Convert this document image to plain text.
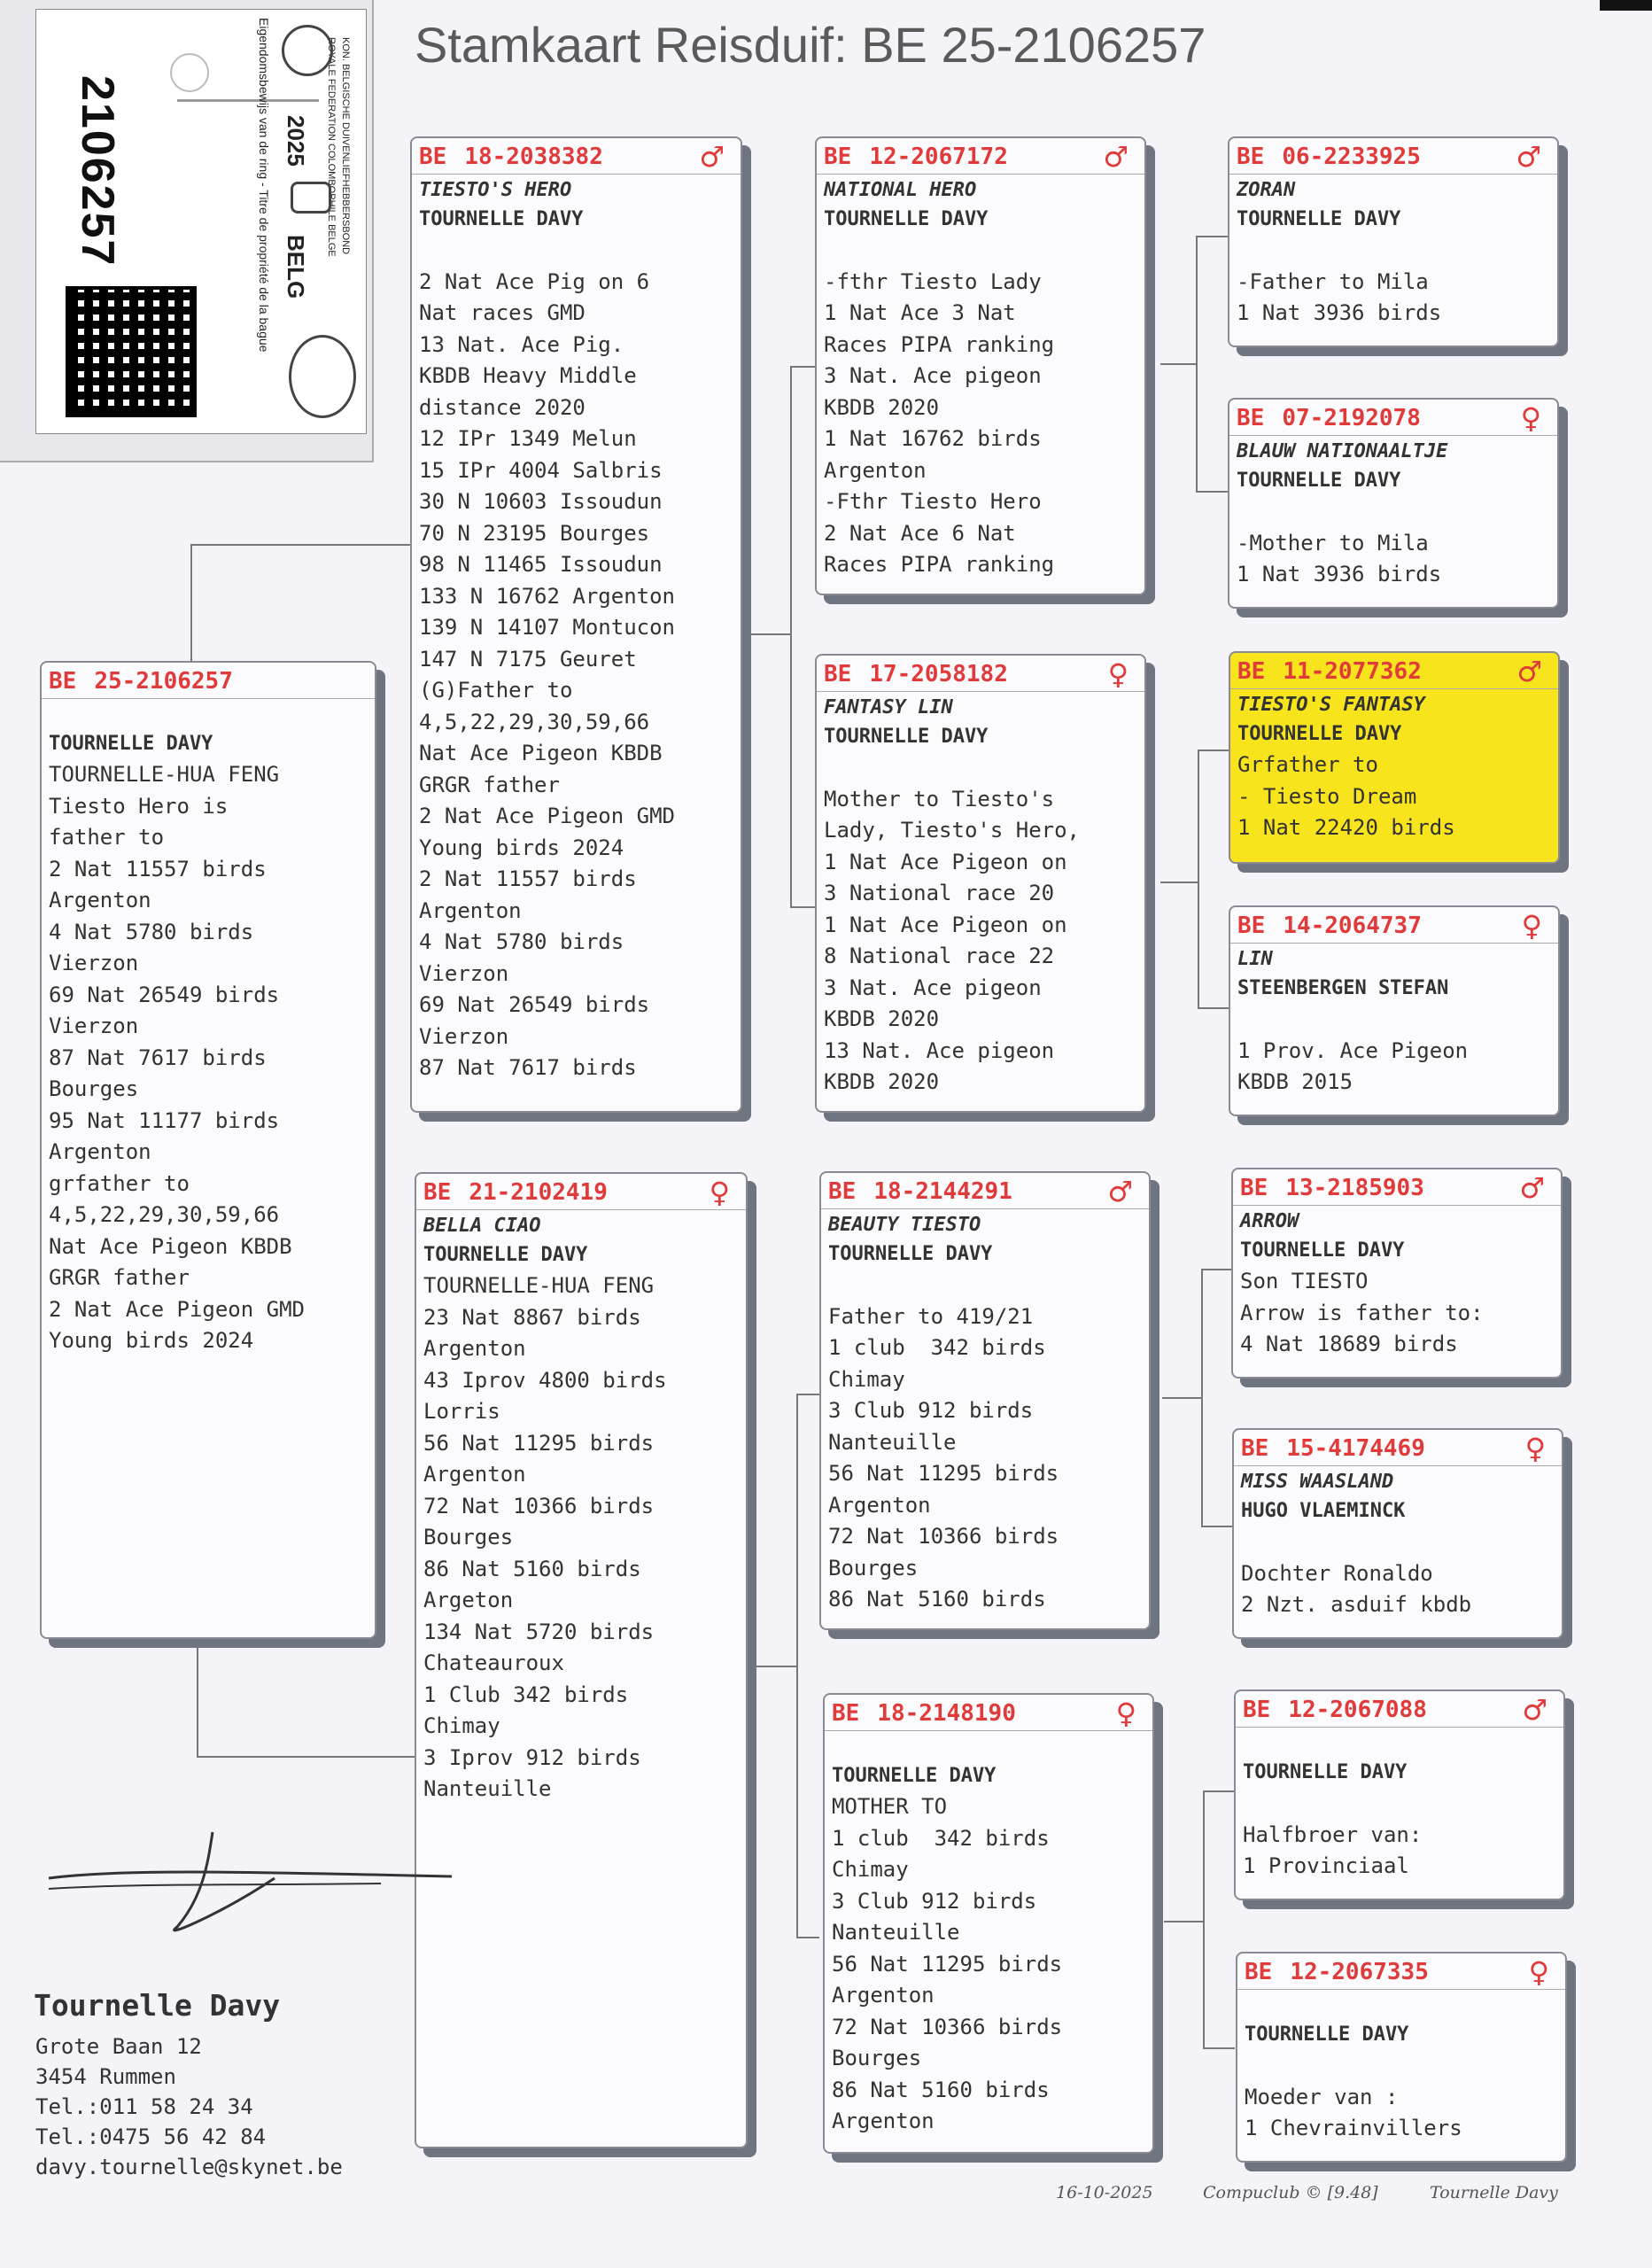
2106257	Eigendomsbewijs van de ring - Titre de propriété de la bague 2025
BELG
KON. BELGISCHE DUIVENLIEFHEBBERSBOND
ROYALE FEDERATION COLOMBOPHILE BELGE Stamkaart Reisduif: BE 25-2106257
BE 25-2106257
TOURNELLE DAVY
TOURNELLE-HUA FENG
Tiesto Hero is
father to
2 Nat 11557 birds
Argenton
4 Nat 5780 birds
Vierzon
69 Nat 26549 birds
Vierzon
87 Nat 7617 birds
Bourges
95 Nat 11177 birds
Argenton
grfather to
4,5,22,29,30,59,66
Nat Ace Pigeon KBDB
GRGR father
2 Nat Ace Pigeon GMD
Young birds 2024
BE 18-2038382	♂
TIESTO'S HERO
TOURNELLE DAVY
2 Nat Ace Pig on 6
Nat races GMD
13 Nat. Ace Pig.
KBDB Heavy Middle
distance 2020
12 IPr 1349 Melun
15 IPr 4004 Salbris
30 N 10603 Issoudun
70 N 23195 Bourges
98 N 11465 Issoudun
133 N 16762 Argenton
139 N 14107 Montucon
147 N 7175 Geuret
(G)Father to
4,5,22,29,30,59,66
Nat Ace Pigeon KBDB
GRGR father
2 Nat Ace Pigeon GMD
Young birds 2024
2 Nat 11557 birds
Argenton
4 Nat 5780 birds
Vierzon
69 Nat 26549 birds
Vierzon
87 Nat 7617 birds
BE 21-2102419	♀
BELLA CIAO
TOURNELLE DAVY
TOURNELLE-HUA FENG
23 Nat 8867 birds
Argenton
43 Iprov 4800 birds
Lorris
56 Nat 11295 birds
Argenton
72 Nat 10366 birds
Bourges
86 Nat 5160 birds
Argeton
134 Nat 5720 birds
Chateauroux
1 Club 342 birds
Chimay
3 Iprov 912 birds
Nanteuille
BE 12-2067172	♂
NATIONAL HERO
TOURNELLE DAVY
-fthr Tiesto Lady
1 Nat Ace 3 Nat
Races PIPA ranking
3 Nat. Ace pigeon
KBDB 2020
1 Nat 16762 birds
Argenton
-Fthr Tiesto Hero
2 Nat Ace 6 Nat
Races PIPA ranking
BE 17-2058182	♀
FANTASY LIN
TOURNELLE DAVY
Mother to Tiesto's
Lady, Tiesto's Hero,
1 Nat Ace Pigeon on
3 National race 20
1 Nat Ace Pigeon on
8 National race 22
3 Nat. Ace pigeon
KBDB 2020
13 Nat. Ace pigeon
KBDB 2020
BE 18-2144291	♂
BEAUTY TIESTO
TOURNELLE DAVY
Father to 419/21
1 club  342 birds
Chimay
3 Club 912 birds
Nanteuille
56 Nat 11295 birds
Argenton
72 Nat 10366 birds
Bourges
86 Nat 5160 birds
BE 18-2148190	♀
TOURNELLE DAVY
MOTHER TO
1 club  342 birds
Chimay
3 Club 912 birds
Nanteuille
56 Nat 11295 birds
Argenton
72 Nat 10366 birds
Bourges
86 Nat 5160 birds
Argenton
BE 06-2233925	♂
ZORAN
TOURNELLE DAVY
-Father to Mila
1 Nat 3936 birds
BE 07-2192078	♀
BLAUW NATIONAALTJE
TOURNELLE DAVY
-Mother to Mila
1 Nat 3936 birds
BE 11-2077362	♂
TIESTO'S FANTASY
TOURNELLE DAVY
Grfather to
- Tiesto Dream
1 Nat 22420 birds
BE 14-2064737	♀
LIN
STEENBERGEN STEFAN
1 Prov. Ace Pigeon
KBDB 2015
BE 13-2185903	♂
ARROW
TOURNELLE DAVY
Son TIESTO
Arrow is father to:
4 Nat 18689 birds
BE 15-4174469	♀
MISS WAASLAND
HUGO VLAEMINCK
Dochter Ronaldo
2 Nzt. asduif kbdb
BE 12-2067088	♂
TOURNELLE DAVY
Halfbroer van:
1 Provinciaal
BE 12-2067335	♀
TOURNELLE DAVY
Moeder van :
1 Chevrainvillers
Tournelle Davy
Grote Baan 12
3454 Rummen
Tel.:011 58 24 34
Tel.:0475 56 42 84
davy.tournelle@skynet.be
16-10-2025	Compuclub © [9.48]	Tournelle Davy
